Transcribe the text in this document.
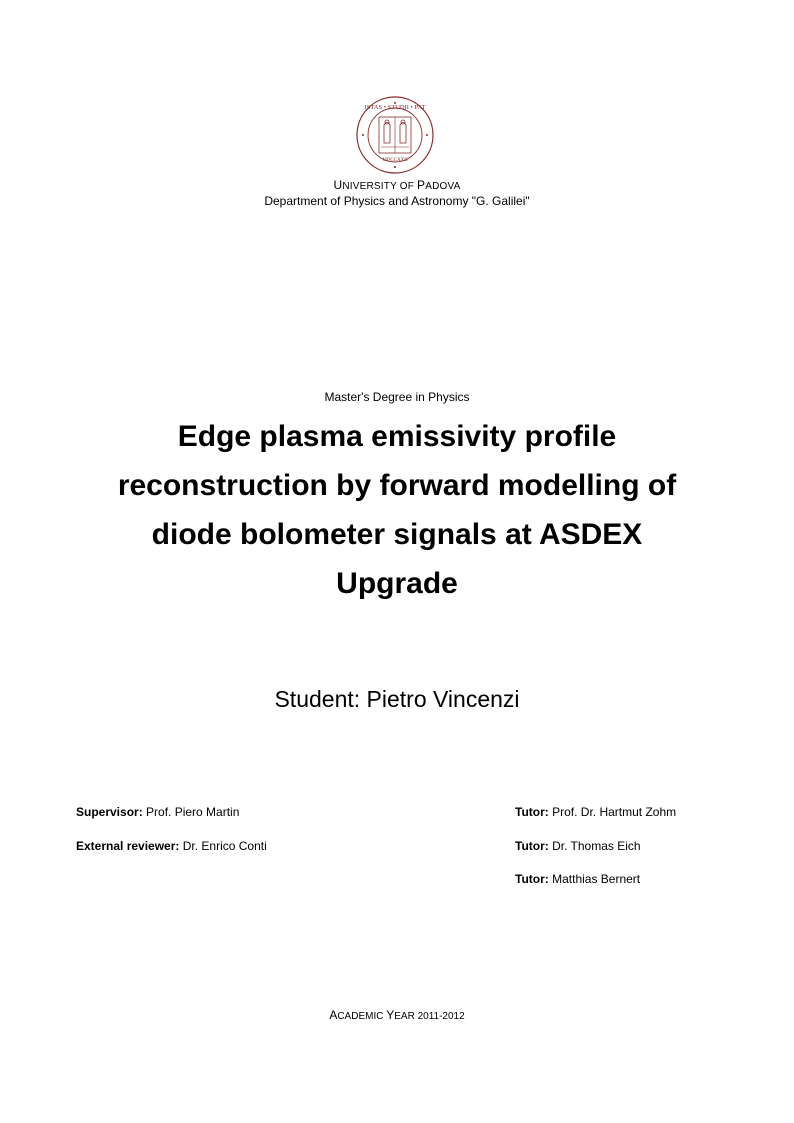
ISTAS • STUDII • PAT
MDCCXXII
UNIVERSITY OF PADOVA
Department of Physics and Astronomy "G. Galilei"
Master's Degree in Physics
Edge plasma emissivity profile reconstruction by forward modelling of diode bolometer signals at ASDEX Upgrade
Student: Pietro Vincenzi
Supervisor: Prof. Piero Martin
External reviewer: Dr. Enrico Conti
Tutor: Prof. Dr. Hartmut Zohm
Tutor: Dr. Thomas Eich
Tutor: Matthias Bernert
ACADEMIC YEAR 2011-2012
